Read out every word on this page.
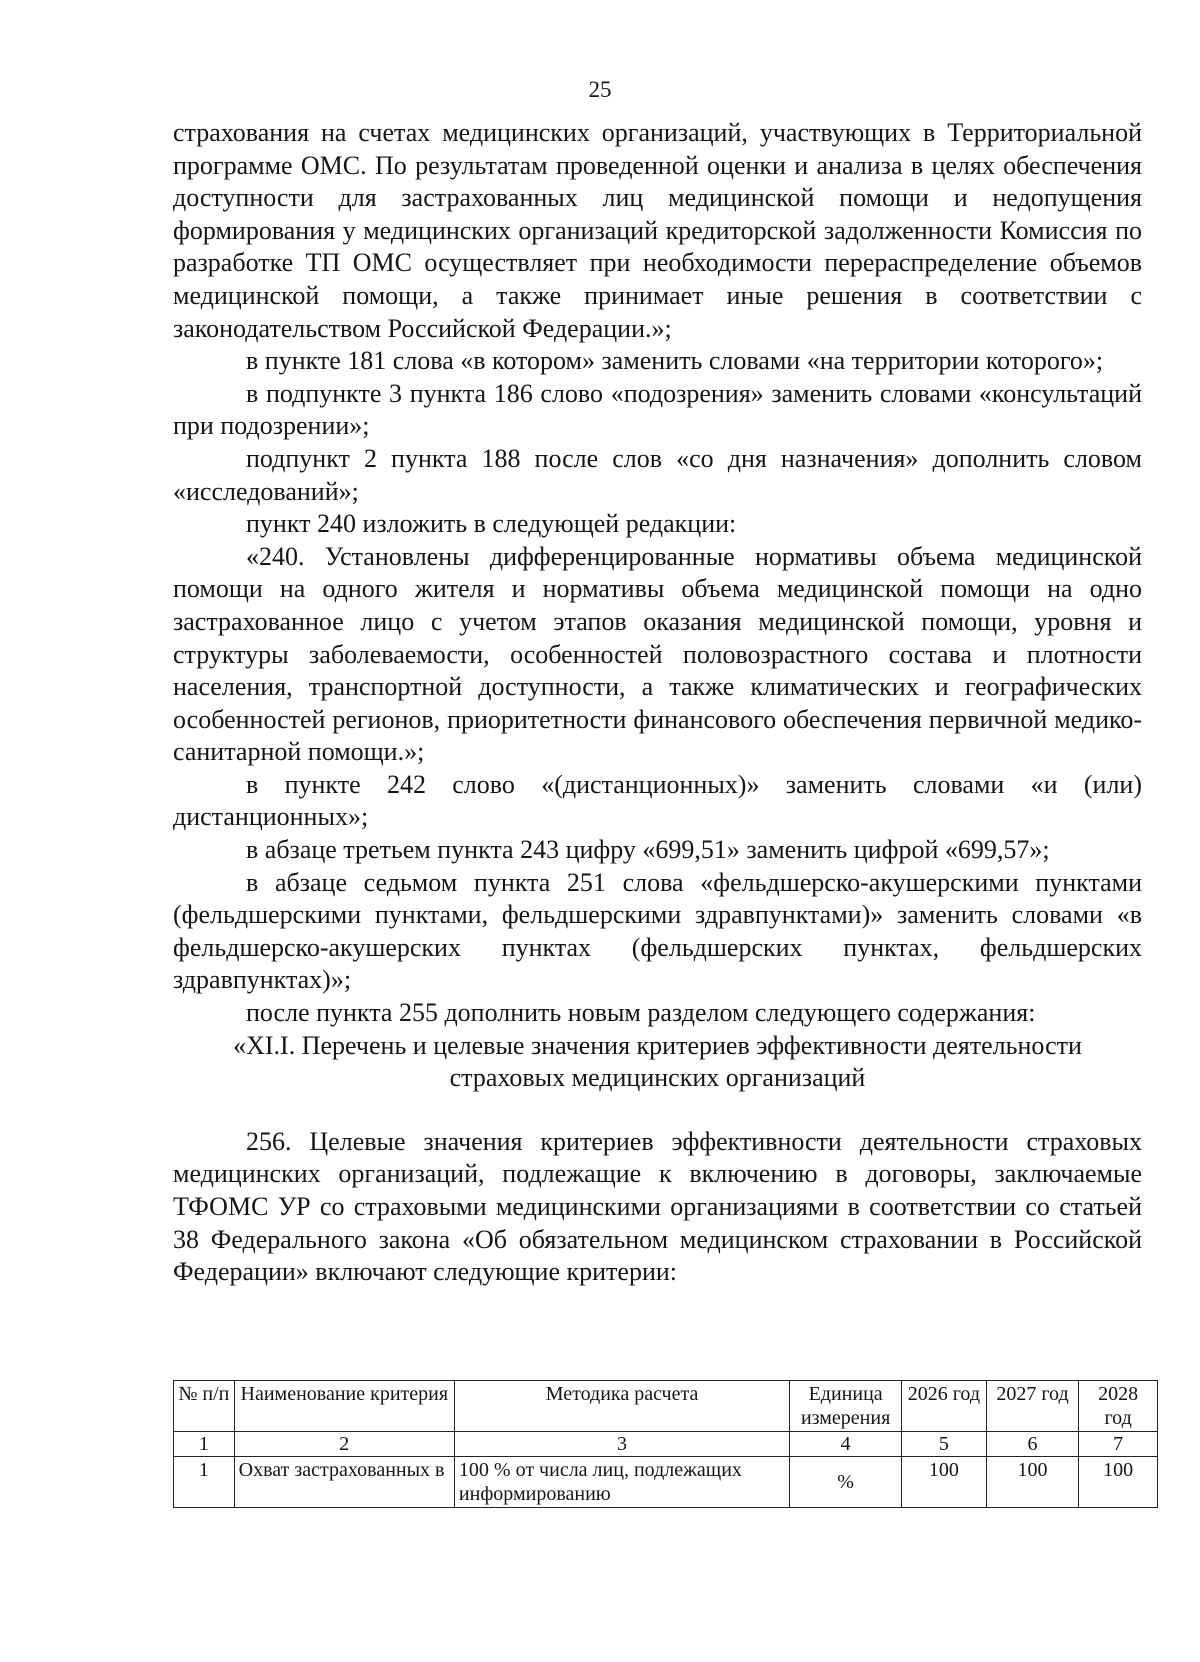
25

страхования на счетах медицинских организаций, участвующих в Территориальной программе ОМС. По результатам проведенной оценки и анализа в целях обеспечения доступности для застрахованных лиц медицинской помощи и недопущения формирования у медицинских организаций кредиторской задолженности Комиссия по разработке ТП ОМС осуществляет при необходимости перераспределение объемов медицинской помощи, а также принимает иные решения в соответствии с законодательством Российской Федерации.»;

в пункте 181 слова «в котором» заменить словами «на территории которого»;

в подпункте 3 пункта 186 слово «подозрения» заменить словами «консультаций при подозрении»;

подпункт 2 пункта 188 после слов «со дня назначения» дополнить словом «исследований»;

пункт 240 изложить в следующей редакции:

«240. Установлены дифференцированные нормативы объема медицинской помощи на одного жителя и нормативы объема медицинской помощи на одно застрахованное лицо с учетом этапов оказания медицинской помощи, уровня и структуры заболеваемости, особенностей половозрастного состава и плотности населения, транспортной доступности, а также климатических и географических особенностей регионов, приоритетности финансового обеспечения первичной медико-санитарной помощи.»;

в пункте 242 слово «(дистанционных)» заменить словами «и (или) дистанционных»;

в абзаце третьем пункта 243 цифру «699,51» заменить цифрой «699,57»;

в абзаце седьмом пункта 251 слова «фельдшерско-акушерскими пунктами (фельдшерскими пунктами, фельдшерскими здравпунктами)» заменить словами «в фельдшерско-акушерских пунктах (фельдшерских пунктах, фельдшерских здравпунктах)»;

после пункта 255 дополнить новым разделом следующего содержания:

«XI.I. Перечень и целевые значения критериев эффективности деятельности страховых медицинских организаций

256. Целевые значения критериев эффективности деятельности страховых медицинских организаций, подлежащие к включению в договоры, заключаемые ТФОМС УР со страховыми медицинскими организациями в соответствии со статьей 38 Федерального закона «Об обязательном медицинском страховании в Российской Федерации» включают следующие критерии:

№ п/п	Наименование критерия	Методика расчета	Единица измерения	2026 год	2027 год	2028 год
1	2	3	4	5	6	7
1	Охват застрахованных в	100 % от числа лиц, подлежащих информированию	%	100	100	100
